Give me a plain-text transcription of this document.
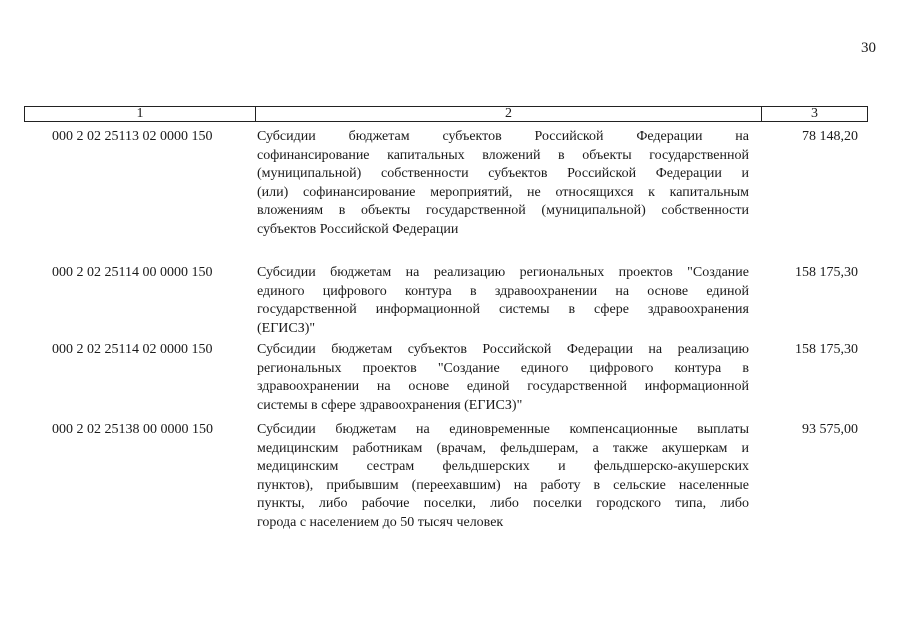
30
1	2	3
000 2 02 25113 02 0000 150	Субсидии бюджетам субъектов Российской Федерации на
софинансирование капитальных вложений в объекты государственной
(муниципальной) собственности субъектов Российской Федерации и
(или) софинансирование мероприятий, не относящихся к капитальным
вложениям в объекты государственной (муниципальной) собственности
субъектов Российской Федерации
78 148,20
000 2 02 25114 00 0000 150	Субсидии бюджетам на реализацию региональных проектов "Создание
единого цифрового контура в здравоохранении на основе единой
государственной информационной системы в сфере здравоохранения
(ЕГИСЗ)"
158 175,30
000 2 02 25114 02 0000 150	Субсидии бюджетам субъектов Российской Федерации на реализацию
региональных проектов "Создание единого цифрового контура в
здравоохранении на основе единой государственной информационной
системы в сфере здравоохранения (ЕГИСЗ)"
158 175,30
000 2 02 25138 00 0000 150	Субсидии бюджетам на единовременные компенсационные выплаты
медицинским работникам (врачам, фельдшерам, а также акушеркам и
медицинским сестрам фельдшерских и фельдшерско-акушерских
пунктов), прибывшим (переехавшим) на работу в сельские населенные
пункты, либо рабочие поселки, либо поселки городского типа, либо
города с населением до 50 тысяч человек
93 575,00
